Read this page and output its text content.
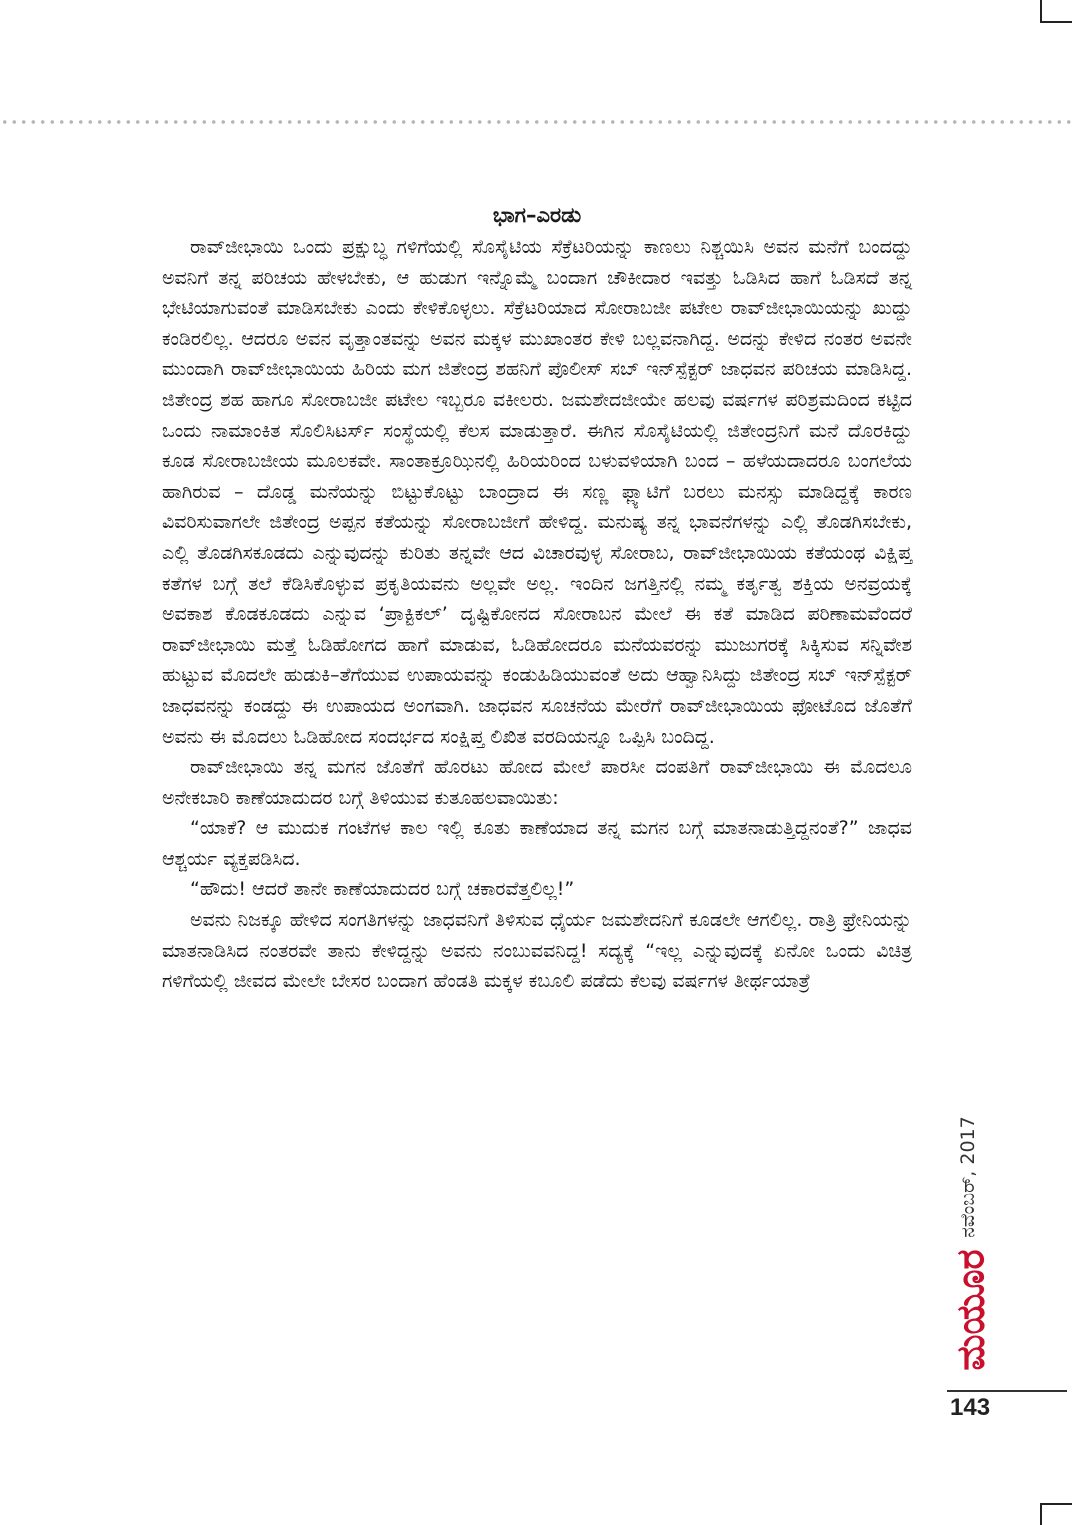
ಭಾಗ–ಎರಡು

ರಾವ್‌ಜೀಭಾಯಿ ಒಂದು ಪ್ರಕ್ಷುಬ್ಧ ಗಳಿಗೆಯಲ್ಲಿ ಸೊಸೈಟಿಯ ಸೆಕ್ರೆಟರಿಯನ್ನು ಕಾಣಲು ನಿಶ್ಚಯಿಸಿ ಅವನ ಮನೆಗೆ ಬಂದದ್ದು ಅವನಿಗೆ ತನ್ನ ಪರಿಚಯ ಹೇಳಬೇಕು, ಆ ಹುಡುಗ ಇನ್ನೊಮ್ಮೆ ಬಂದಾಗ ಚೌಕೀದಾರ ಇವತ್ತು ಓಡಿಸಿದ ಹಾಗೆ ಓಡಿಸದೆ ತನ್ನ ಭೇಟಿಯಾಗುವಂತೆ ಮಾಡಿಸಬೇಕು ಎಂದು ಕೇಳಿಕೊಳ್ಳಲು. ಸೆಕ್ರೆಟರಿಯಾದ ಸೋರಾಬಜೀ ಪಟೇಲ ರಾವ್‌ಜೀಭಾಯಿಯನ್ನು ಖುದ್ದು ಕಂಡಿರಲಿಲ್ಲ. ಆದರೂ ಅವನ ವೃತ್ತಾಂತವನ್ನು ಅವನ ಮಕ್ಕಳ ಮುಖಾಂತರ ಕೇಳಿ ಬಲ್ಲವನಾಗಿದ್ದ. ಅದನ್ನು ಕೇಳಿದ ನಂತರ ಅವನೇ ಮುಂದಾಗಿ ರಾವ್‌ಜೀಭಾಯಿಯ ಹಿರಿಯ ಮಗ ಜಿತೇಂದ್ರ ಶಹನಿಗೆ ಪೊಲೀಸ್ ಸಬ್ ಇನ್‌ಸ್ಪೆಕ್ಟರ್ ಜಾಧವನ ಪರಿಚಯ ಮಾಡಿಸಿದ್ದ. ಜಿತೇಂದ್ರ ಶಹ ಹಾಗೂ ಸೋರಾಬಜೀ ಪಟೇಲ ಇಬ್ಬರೂ ವಕೀಲರು. ಜಮಶೇದಜೀಯೇ ಹಲವು ವರ್ಷಗಳ ಪರಿಶ್ರಮದಿಂದ ಕಟ್ಟಿದ ಒಂದು ನಾಮಾಂಕಿತ ಸೊಲಿಸಿಟರ್ಸ್ ಸಂಸ್ಥೆಯಲ್ಲಿ ಕೆಲಸ ಮಾಡುತ್ತಾರೆ. ಈಗಿನ ಸೊಸೈಟಿಯಲ್ಲಿ ಜಿತೇಂದ್ರನಿಗೆ ಮನೆ ದೊರಕಿದ್ದು ಕೂಡ ಸೋರಾಬಜೀಯ ಮೂಲಕವೇ. ಸಾಂತಾಕ್ರೂಝಿನಲ್ಲಿ ಹಿರಿಯರಿಂದ ಬಳುವಳಿಯಾಗಿ ಬಂದ – ಹಳೆಯದಾದರೂ ಬಂಗಲೆಯ ಹಾಗಿರುವ – ದೊಡ್ಡ ಮನೆಯನ್ನು ಬಿಟ್ಟುಕೊಟ್ಟು ಬಾಂದ್ರಾದ ಈ ಸಣ್ಣ ಫ್ಲ್ಯಾಟಿಗೆ ಬರಲು ಮನಸ್ಸು ಮಾಡಿದ್ದಕ್ಕೆ ಕಾರಣ ವಿವರಿಸುವಾಗಲೇ ಜಿತೇಂದ್ರ ಅಪ್ಪನ ಕತೆಯನ್ನು ಸೋರಾಬಜೀಗೆ ಹೇಳಿದ್ದ. ಮನುಷ್ಯ ತನ್ನ ಭಾವನೆಗಳನ್ನು ಎಲ್ಲಿ ತೊಡಗಿಸಬೇಕು, ಎಲ್ಲಿ ತೊಡಗಿಸಕೂಡದು ಎನ್ನುವುದನ್ನು ಕುರಿತು ತನ್ನವೇ ಆದ ವಿಚಾರವುಳ್ಳ ಸೋರಾಬ, ರಾವ್‌ಜೀಭಾಯಿಯ ಕತೆಯಂಥ ವಿಕ್ಷಿಪ್ತ ಕತೆಗಳ ಬಗ್ಗೆ ತಲೆ ಕೆಡಿಸಿಕೊಳ್ಳುವ ಪ್ರಕೃತಿಯವನು ಅಲ್ಲವೇ ಅಲ್ಲ. ಇಂದಿನ ಜಗತ್ತಿನಲ್ಲಿ ನಮ್ಮ ಕರ್ತೃತ್ವ ಶಕ್ತಿಯ ಅನವ್ರಯಕ್ಕೆ ಅವಕಾಶ ಕೊಡಕೂಡದು ಎನ್ನುವ ‘ಪ್ರಾಕ್ಟಿಕಲ್’ ದೃಷ್ಟಿಕೋನದ ಸೋರಾಬನ ಮೇಲೆ ಈ ಕತೆ ಮಾಡಿದ ಪರಿಣಾಮವೆಂದರೆ ರಾವ್‌ಜೀಭಾಯಿ ಮತ್ತೆ ಓಡಿಹೋಗದ ಹಾಗೆ ಮಾಡುವ, ಓಡಿಹೋದರೂ ಮನೆಯವರನ್ನು ಮುಜುಗರಕ್ಕೆ ಸಿಕ್ಕಿಸುವ ಸನ್ನಿವೇಶ ಹುಟ್ಟುವ ಮೊದಲೇ ಹುಡುಕಿ–ತೆಗೆಯುವ ಉಪಾಯವನ್ನು ಕಂಡುಹಿಡಿಯುವಂತೆ ಅದು ಆಹ್ವಾನಿಸಿದ್ದು ಜಿತೇಂದ್ರ ಸಬ್ ಇನ್‌ಸ್ಪೆಕ್ಟರ್ ಜಾಧವನನ್ನು ಕಂಡದ್ದು ಈ ಉಪಾಯದ ಅಂಗವಾಗಿ. ಜಾಧವನ ಸೂಚನೆಯ ಮೇರೆಗೆ ರಾವ್‌ಜೀಭಾಯಿಯ ಫೋಟೊದ ಜೊತೆಗೆ ಅವನು ಈ ಮೊದಲು ಓಡಿಹೋದ ಸಂದರ್ಭದ ಸಂಕ್ಷಿಪ್ತ ಲಿಖಿತ ವರದಿಯನ್ನೂ ಒಪ್ಪಿಸಿ ಬಂದಿದ್ದ.

ರಾವ್‌ಜೀಭಾಯಿ ತನ್ನ ಮಗನ ಜೊತೆಗೆ ಹೊರಟು ಹೋದ ಮೇಲೆ ಪಾರಸೀ ದಂಪತಿಗೆ ರಾವ್‌ಜೀಭಾಯಿ ಈ ಮೊದಲೂ ಅನೇಕಬಾರಿ ಕಾಣೆಯಾದುದರ ಬಗ್ಗೆ ತಿಳಿಯುವ ಕುತೂಹಲವಾಯಿತು:

“ಯಾಕೆ? ಆ ಮುದುಕ ಗಂಟೆಗಳ ಕಾಲ ಇಲ್ಲಿ ಕೂತು ಕಾಣೆಯಾದ ತನ್ನ ಮಗನ ಬಗ್ಗೆ ಮಾತನಾಡುತ್ತಿದ್ದನಂತೆ?” ಜಾಧವ ಆಶ್ಚರ್ಯ ವ್ಯಕ್ತಪಡಿಸಿದ.

“ಹೌದು! ಆದರೆ ತಾನೇ ಕಾಣೆಯಾದುದರ ಬಗ್ಗೆ ಚಕಾರವೆತ್ತಲಿಲ್ಲ!”

ಅವನು ನಿಜಕ್ಕೂ ಹೇಳಿದ ಸಂಗತಿಗಳನ್ನು ಜಾಧವನಿಗೆ ತಿಳಿಸುವ ಧೈರ್ಯ ಜಮಶೇದನಿಗೆ ಕೂಡಲೇ ಆಗಲಿಲ್ಲ. ರಾತ್ರಿ ಫ್ರೇನಿಯನ್ನು ಮಾತನಾಡಿಸಿದ ನಂತರವೇ ತಾನು ಕೇಳಿದ್ದನ್ನು ಅವನು ನಂಬುವವನಿದ್ದ! ಸದ್ಯಕ್ಕೆ “ಇಲ್ಲ ಎನ್ನುವುದಕ್ಕೆ ಏನೋ ಒಂದು ವಿಚಿತ್ರ ಗಳಿಗೆಯಲ್ಲಿ ಜೀವದ ಮೇಲೇ ಬೇಸರ ಬಂದಾಗ ಹೆಂಡತಿ ಮಕ್ಕಳ ಕಬೂಲಿ ಪಡೆದು ಕೆಲವು ವರ್ಷಗಳ ತೀರ್ಥಯಾತ್ರೆ

ನವೆಂಬರ್, 2017
ಮಯೂರ
143
